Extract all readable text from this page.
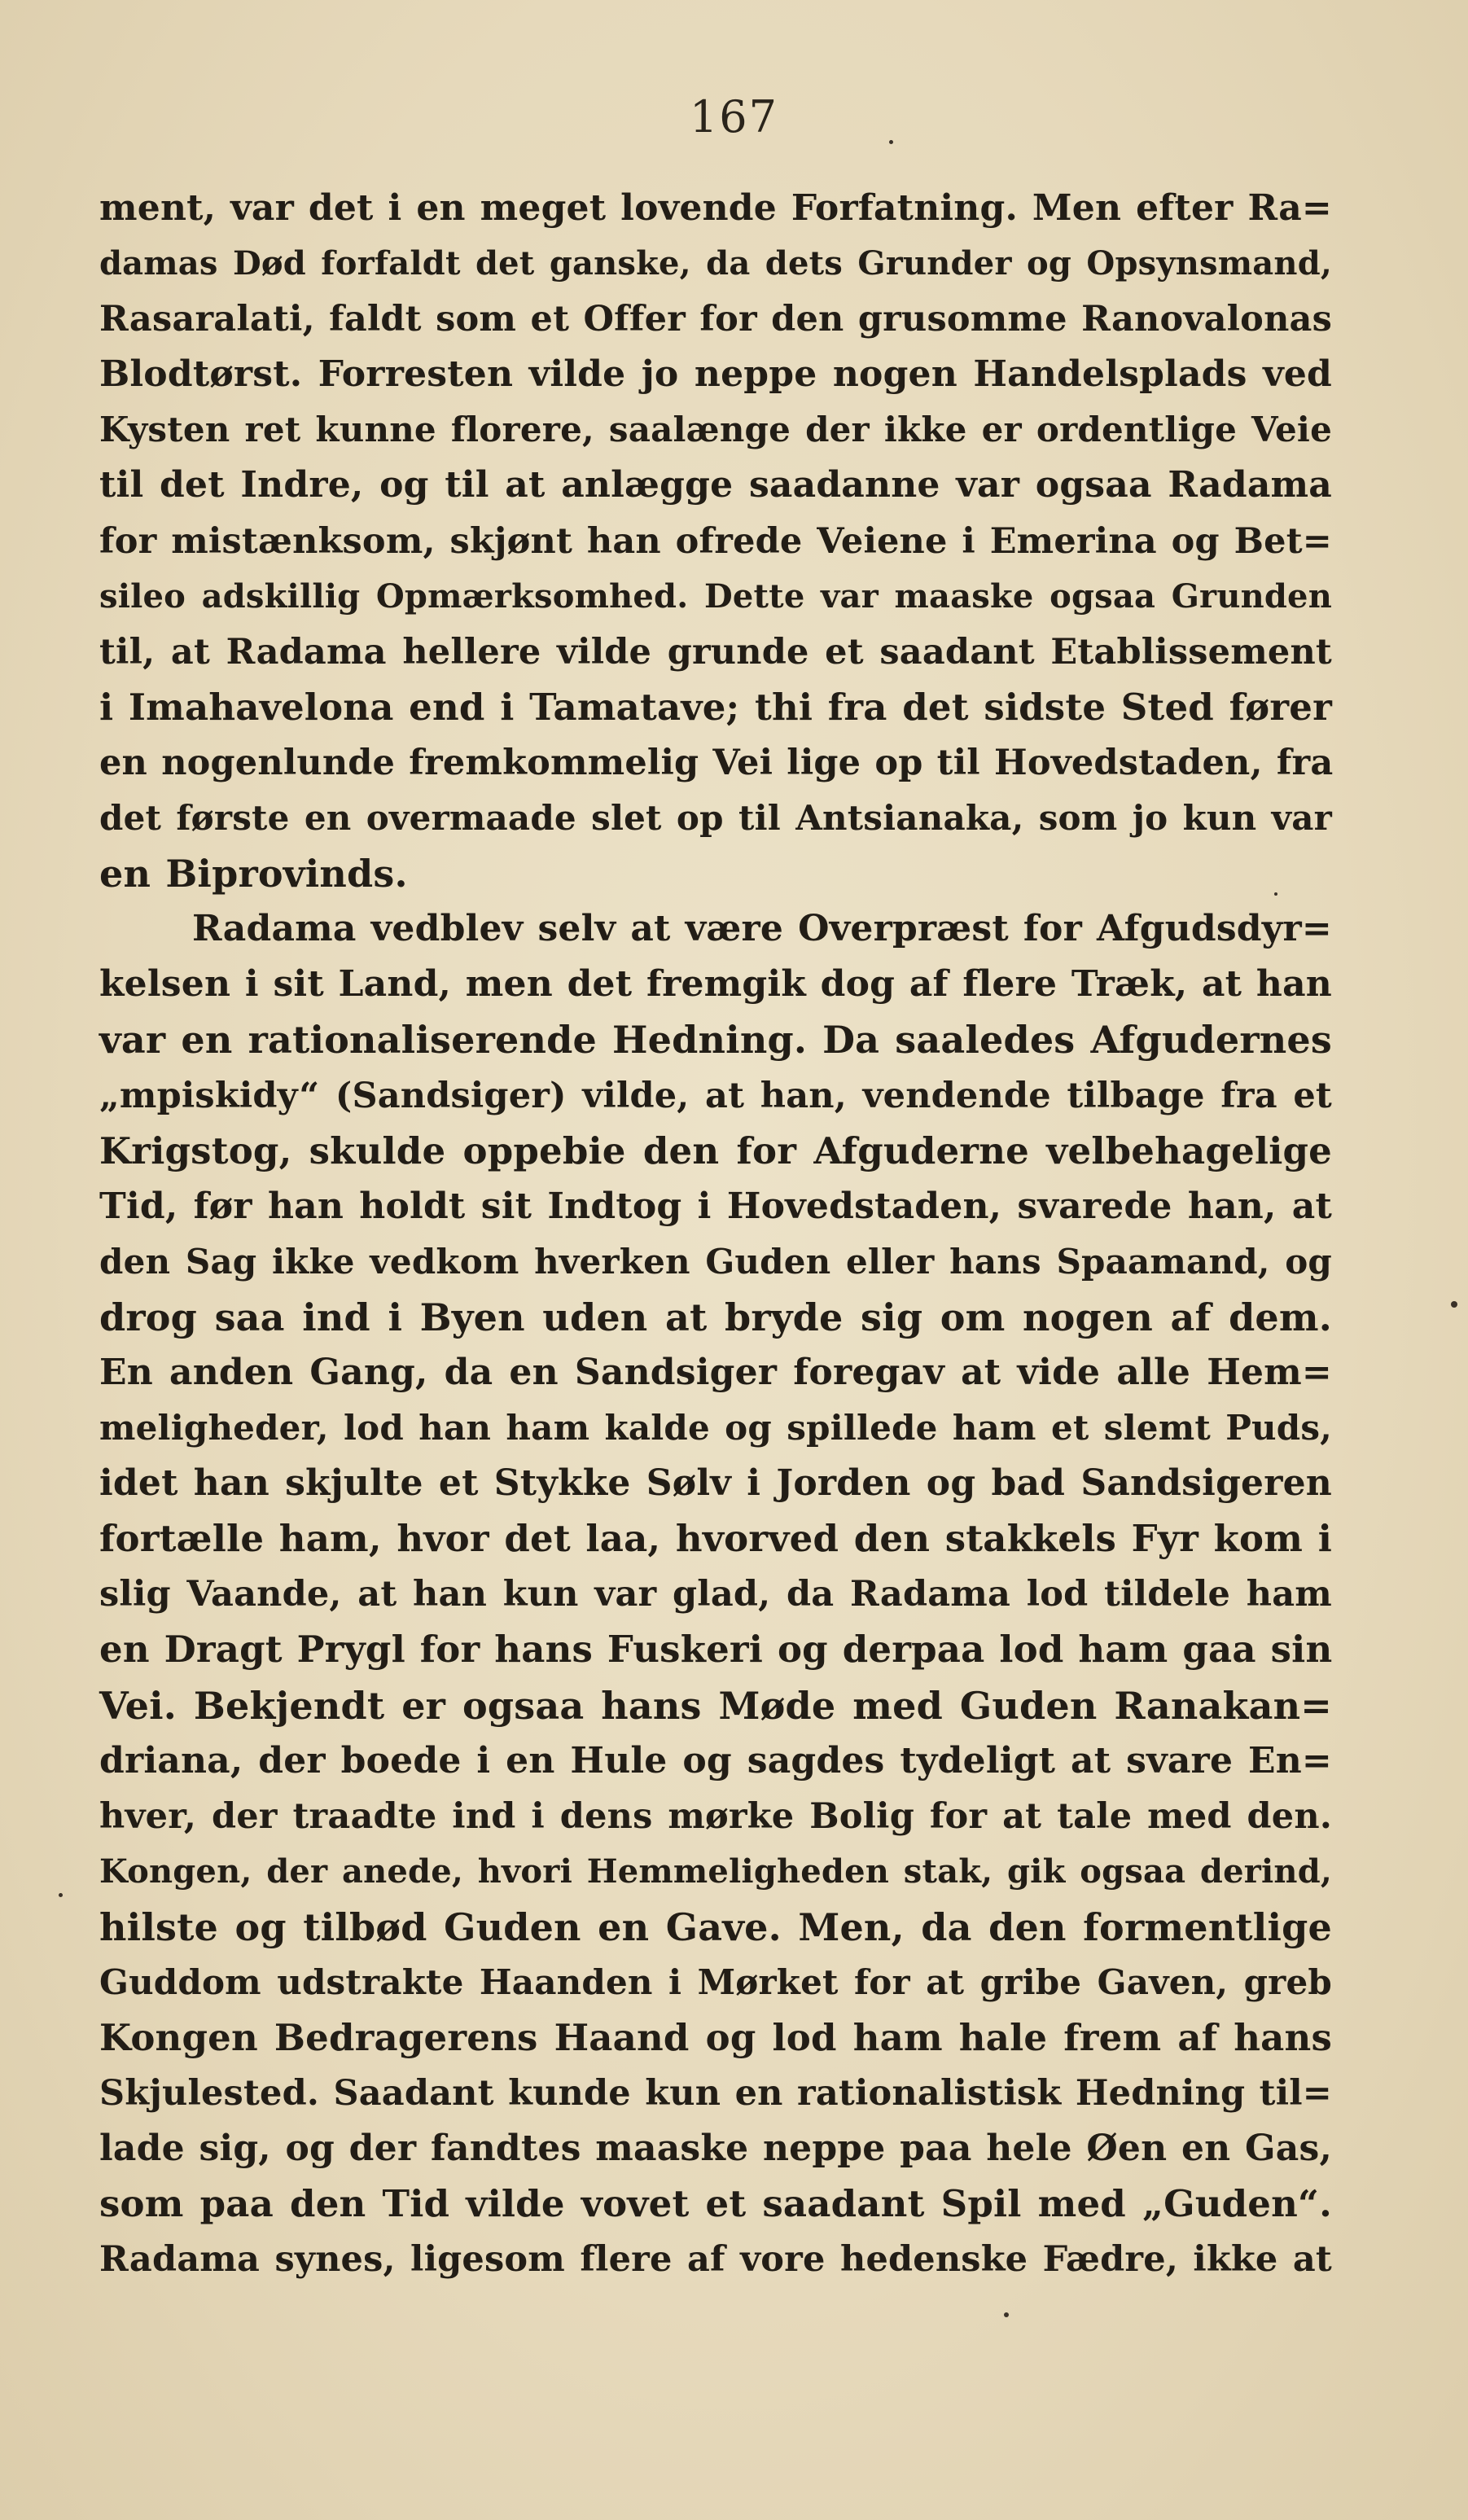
167
ment, var det i en meget lovende Forfatning. Men efter Ra=
damas Død forfaldt det ganske, da dets Grunder og Opsynsmand,
Rasaralati, faldt som et Offer for den grusomme Ranovalonas
Blodtørst. Forresten vilde jo neppe nogen Handelsplads ved
Kysten ret kunne florere, saalænge der ikke er ordentlige Veie
til det Indre, og til at anlægge saadanne var ogsaa Radama
for mistænksom, skjønt han ofrede Veiene i Emerina og Bet=
sileo adskillig Opmærksomhed. Dette var maaske ogsaa Grunden
til, at Radama hellere vilde grunde et saadant Etablissement
i Imahavelona end i Tamatave; thi fra det sidste Sted fører
en nogenlunde fremkommelig Vei lige op til Hovedstaden, fra
det første en overmaade slet op til Antsianaka, som jo kun var
en Biprovinds.
Radama vedblev selv at være Overpræst for Afgudsdyr=
kelsen i sit Land, men det fremgik dog af flere Træk, at han
var en rationaliserende Hedning. Da saaledes Afgudernes
„mpiskidy“ (Sandsiger) vilde, at han, vendende tilbage fra et
Krigstog, skulde oppebie den for Afguderne velbehagelige
Tid, før han holdt sit Indtog i Hovedstaden, svarede han, at
den Sag ikke vedkom hverken Guden eller hans Spaamand, og
drog saa ind i Byen uden at bryde sig om nogen af dem.
En anden Gang, da en Sandsiger foregav at vide alle Hem=
meligheder, lod han ham kalde og spillede ham et slemt Puds,
idet han skjulte et Stykke Sølv i Jorden og bad Sandsigeren
fortælle ham, hvor det laa, hvorved den stakkels Fyr kom i
slig Vaande, at han kun var glad, da Radama lod tildele ham
en Dragt Prygl for hans Fuskeri og derpaa lod ham gaa sin
Vei. Bekjendt er ogsaa hans Møde med Guden Ranakan=
driana, der boede i en Hule og sagdes tydeligt at svare En=
hver, der traadte ind i dens mørke Bolig for at tale med den.
Kongen, der anede, hvori Hemmeligheden stak, gik ogsaa derind,
hilste og tilbød Guden en Gave. Men, da den formentlige
Guddom udstrakte Haanden i Mørket for at gribe Gaven, greb
Kongen Bedragerens Haand og lod ham hale frem af hans
Skjulested. Saadant kunde kun en rationalistisk Hedning til=
lade sig, og der fandtes maaske neppe paa hele Øen en Gas,
som paa den Tid vilde vovet et saadant Spil med „Guden“.
Radama synes, ligesom flere af vore hedenske Fædre, ikke at
